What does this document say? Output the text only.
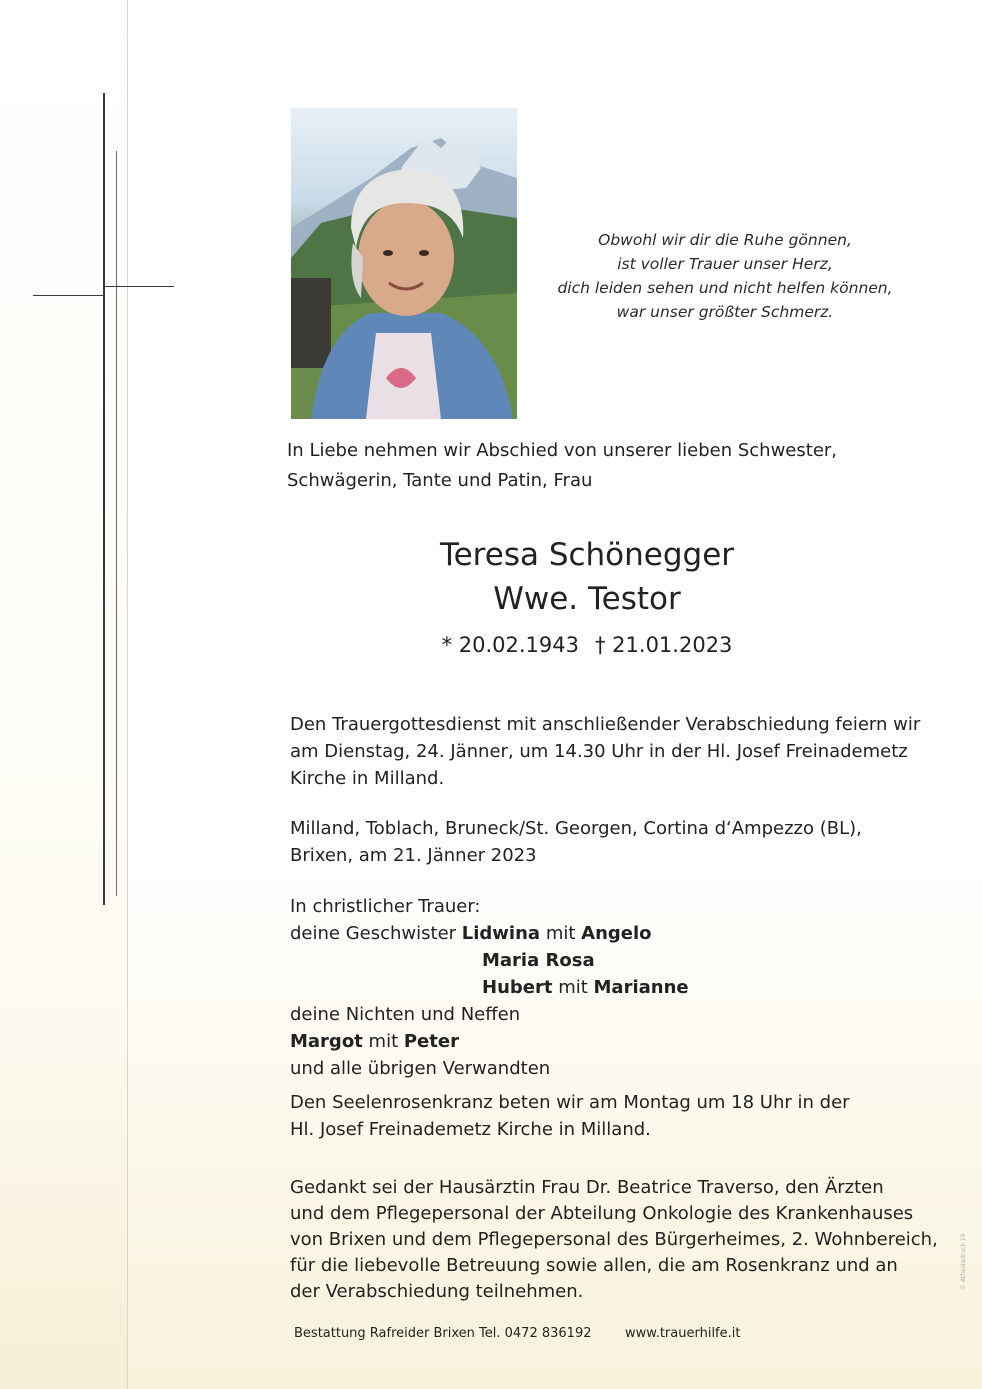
Obwohl wir dir die Ruhe gönnen,
ist voller Trauer unser Herz,
dich leiden sehen und nicht helfen können,
war unser größter Schmerz.
In Liebe nehmen wir Abschied von unserer lieben Schwester,
Schwägerin, Tante und Patin, Frau
Teresa Schönegger
Wwe. Testor
* 20.02.1943 † 21.01.2023
Den Trauergottesdienst mit anschließender Verabschiedung feiern wir
am Dienstag, 24. Jänner, um 14.30 Uhr in der Hl. Josef Freinademetz
Kirche in Milland.
Milland, Toblach, Bruneck/St. Georgen, Cortina d‘Ampezzo (BL),
Brixen, am 21. Jänner 2023
In christlicher Trauer:
deine Geschwister Lidwina mit Angelo
Maria Rosa
Hubert mit Marianne
deine Nichten und Neffen
Margot mit Peter
und alle übrigen Verwandten
Den Seelenrosenkranz beten wir am Montag um 18 Uhr in der
Hl. Josef Freinademetz Kirche in Milland.
Gedankt sei der Hausärztin Frau Dr. Beatrice Traverso, den Ärzten
und dem Pflegepersonal der Abteilung Onkologie des Krankenhauses
von Brixen und dem Pflegepersonal des Bürgerheimes, 2. Wohnbereich,
für die liebevolle Betreuung sowie allen, die am Rosenkranz und an
der Verabschiedung teilnehmen.
Bestattung Rafreider Brixen Tel. 0472 836192	www.trauerhilfe.it
© Athesiadruck 19
